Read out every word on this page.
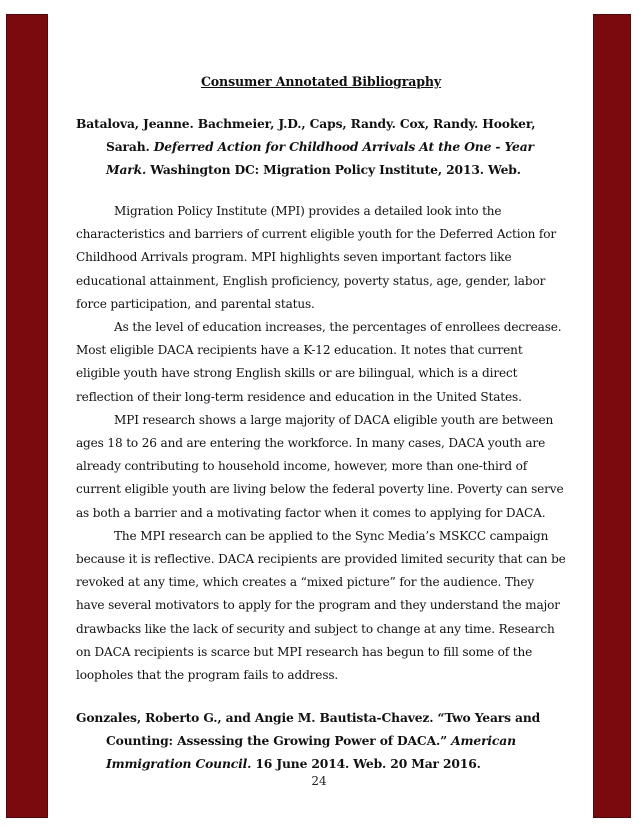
Consumer Annotated Bibliography

Batalova, Jeanne. Bachmeier, J.D., Caps, Randy. Cox, Randy. Hooker, Sarah. Deferred Action for Childhood Arrivals At the One - Year Mark. Washington DC: Migration Policy Institute, 2013. Web.

Migration Policy Institute (MPI) provides a detailed look into the characteristics and barriers of current eligible youth for the Deferred Action for Childhood Arrivals program. MPI highlights seven important factors like educational attainment, English proficiency, poverty status, age, gender, labor force participation, and parental status.

As the level of education increases, the percentages of enrollees decrease. Most eligible DACA recipients have a K-12 education. It notes that current eligible youth have strong English skills or are bilingual, which is a direct reflection of their long-term residence and education in the United States.

MPI research shows a large majority of DACA eligible youth are between ages 18 to 26 and are entering the workforce. In many cases, DACA youth are already contributing to household income, however, more than one-third of current eligible youth are living below the federal poverty line. Poverty can serve as both a barrier and a motivating factor when it comes to applying for DACA.

The MPI research can be applied to the Sync Media’s MSKCC campaign because it is reflective. DACA recipients are provided limited security that can be revoked at any time, which creates a “mixed picture” for the audience. They have several motivators to apply for the program and they understand the major drawbacks like the lack of security and subject to change at any time. Research on DACA recipients is scarce but MPI research has begun to fill some of the loopholes that the program fails to address.

Gonzales, Roberto G., and Angie M. Bautista-Chavez. “Two Years and Counting: Assessing the Growing Power of DACA.” American Immigration Council. 16 June 2014. Web. 20 Mar 2016.

24
